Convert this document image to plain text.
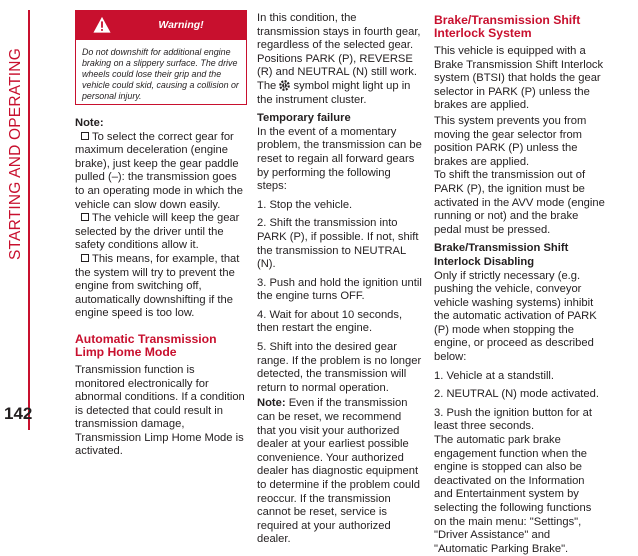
STARTING AND OPERATING
142
Warning!
Do not downshift for additional engine braking on a slippery surface. The drive wheels could lose their grip and the vehicle could skid, causing a collision or personal injury.
Note:
To select the correct gear for maximum deceleration (engine brake), just keep the gear paddle pulled (–): the transmission goes to an operating mode in which the vehicle can slow down easily.
The vehicle will keep the gear selected by the driver until the safety conditions allow it.
This means, for example, that the system will try to prevent the engine from switching off, automatically downshifting if the engine speed is too low.
Automatic Transmission Limp Home Mode
Transmission function is monitored electronically for abnormal conditions. If a condition is detected that could result in transmission damage, Transmission Limp Home Mode is activated.
In this condition, the transmission stays in fourth gear, regardless of the selected gear. Positions PARK (P), REVERSE (R) and NEUTRAL (N) still work.
The symbol might light up in the instrument cluster.
Temporary failure
In the event of a momentary problem, the transmission can be reset to regain all forward gears by performing the following steps:
1. Stop the vehicle.
2. Shift the transmission into PARK (P), if possible. If not, shift the transmission to NEUTRAL (N).
3. Push and hold the ignition until the engine turns OFF.
4. Wait for about 10 seconds, then restart the engine.
5. Shift into the desired gear range. If the problem is no longer detected, the transmission will return to normal operation.
Note: Even if the transmission can be reset, we recommend that you visit your authorized dealer at your earliest possible convenience. Your authorized dealer has diagnostic equipment to determine if the problem could reoccur. If the transmission cannot be reset, service is required at your authorized dealer.
Brake/Transmission Shift Interlock System
This vehicle is equipped with a Brake Transmission Shift Interlock system (BTSI) that holds the gear selector in PARK (P) unless the brakes are applied.
This system prevents you from moving the gear selector from position PARK (P) unless the brakes are applied.
To shift the transmission out of PARK (P), the ignition must be activated in the AVV mode (engine running or not) and the brake pedal must be pressed.
Brake/Transmission Shift Interlock Disabling
Only if strictly necessary (e.g. pushing the vehicle, conveyor vehicle washing systems) inhibit the automatic activation of PARK (P) mode when stopping the engine, or proceed as described below:
1. Vehicle at a standstill.
2. NEUTRAL (N) mode activated.
3. Push the ignition button for at least three seconds.
The automatic park brake engagement function when the engine is stopped can also be deactivated on the Information and Entertainment system by selecting the following functions on the main menu: "Settings", "Driver Assistance" and "Automatic Parking Brake".
